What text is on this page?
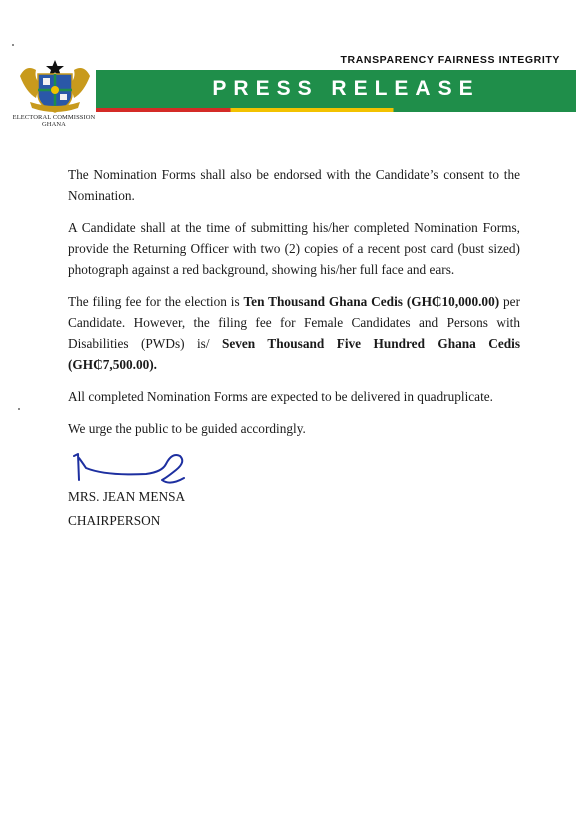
ELECTORAL COMMISSION
GHANA
TRANSPARENCY FAIRNESS INTEGRITY
PRESS RELEASE

The Nomination Forms shall also be endorsed with the Candidate’s consent to the Nomination.

A Candidate shall at the time of submitting his/her completed Nomination Forms, provide the Returning Officer with two (2) copies of a recent post card (bust sized) photograph against a red background, showing his/her full face and ears.

The filing fee for the election is Ten Thousand Ghana Cedis (GH₵10,000.00) per Candidate. However, the filing fee for Female Candidates and Persons with Disabilities (PWDs) is/ Seven Thousand Five Hundred Ghana Cedis (GH₵7,500.00).

All completed Nomination Forms are expected to be delivered in quadruplicate.

We urge the public to be guided accordingly.

MRS. JEAN MENSA
CHAIRPERSON
